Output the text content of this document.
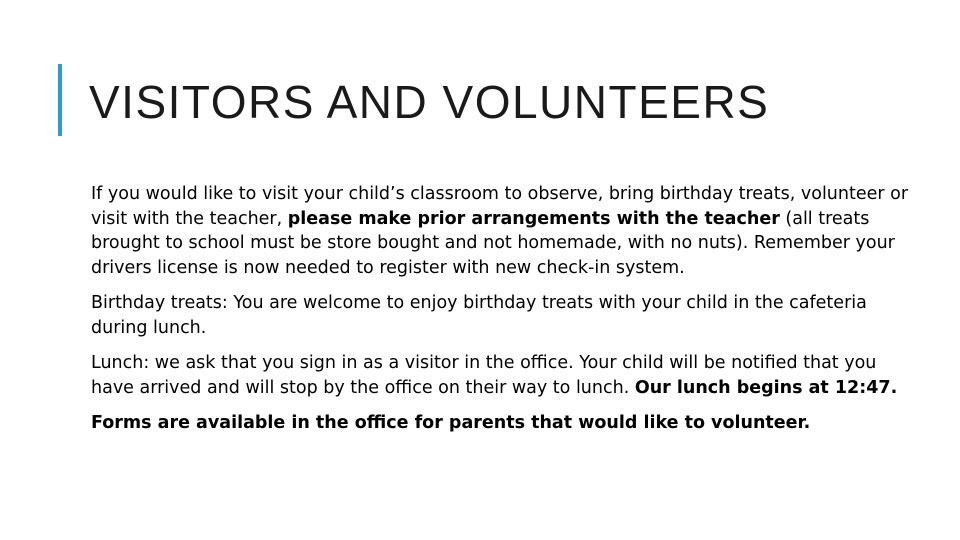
VISITORS AND VOLUNTEERS

If you would like to visit your child’s classroom to observe, bring birthday treats, volunteer or visit with the teacher, please make prior arrangements with the teacher (all treats brought to school must be store bought and not homemade, with no nuts). Remember your drivers license is now needed to register with new check-in system.

Birthday treats: You are welcome to enjoy birthday treats with your child in the cafeteria during lunch.

Lunch: we ask that you sign in as a visitor in the office. Your child will be notified that you have arrived and will stop by the office on their way to lunch. Our lunch begins at 12:47.

Forms are available in the office for parents that would like to volunteer.
